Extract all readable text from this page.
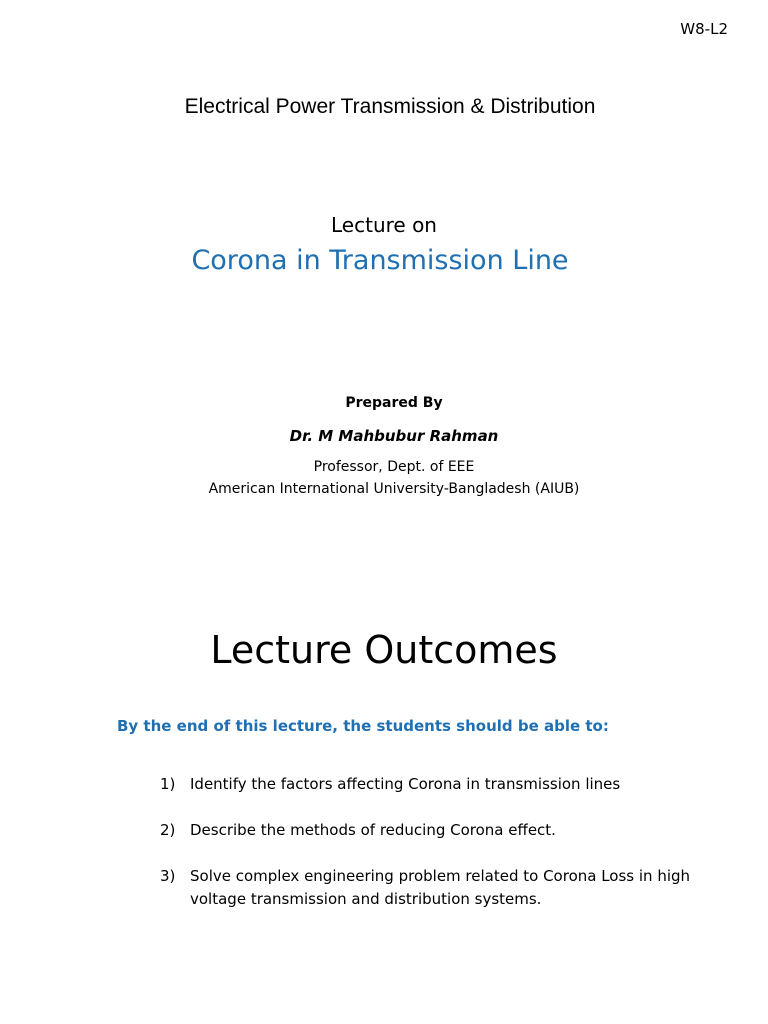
W8-L2
Electrical Power Transmission & Distribution
Lecture on
Corona in Transmission Line
Prepared By
Dr. M Mahbubur Rahman
Professor, Dept. of EEE
American International University-Bangladesh (AIUB)
Lecture Outcomes
By the end of this lecture, the students should be able to:
1) Identify the factors affecting Corona in transmission lines
2) Describe the methods of reducing Corona effect.
3) Solve complex engineering problem related to Corona Loss in high voltage transmission and distribution systems.
